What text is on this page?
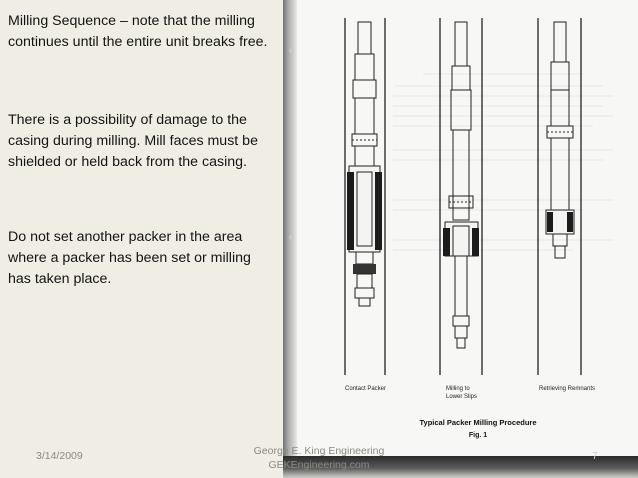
Milling Sequence – note that the milling continues until the entire unit breaks free.
There is a possibility of damage to the casing during milling. Mill faces must be shielded or held back from the casing.
Do not set another packer in the area where a packer has been set or milling has taken place.
Contact Packer	Milling to
Lower Slips
Retrieving Remnants
Typical Packer Milling Procedure
Fig. 1
3/14/2009	George E. King Engineering
GEKEngineering.com
7
